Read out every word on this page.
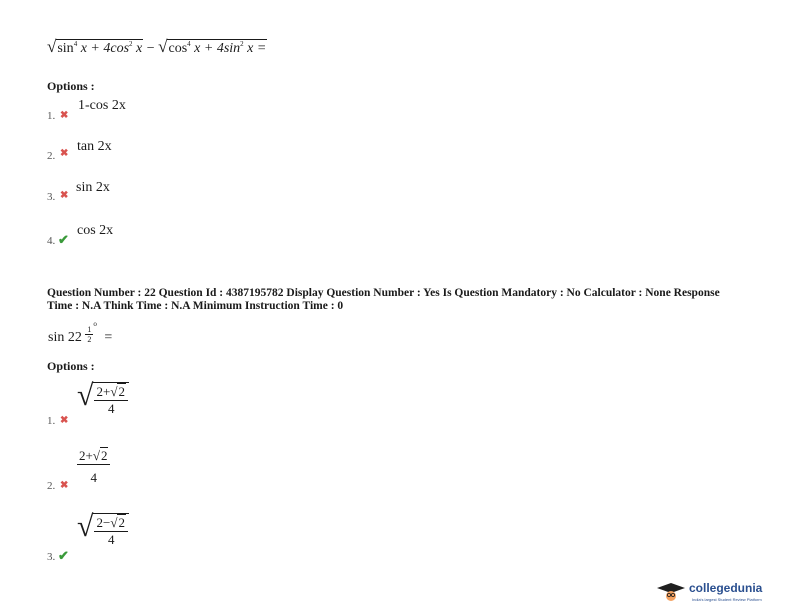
$√\sin^4$ $x + 4\cos^2$ $x - √\cos^4$ $x + 4\sin^2$ x =
Options :
1. ✖
1-cos 2x
2. ✖ tan 2x
3. ✖
sin 2x
4. ✔
cos 2x
Question Number : 22 Question Id : 4387195782 Display Question Number : Yes Is Question Mandatory : No Calculator : None Response
Time : N.A Think Time : N.A Minimum Instruction Time : 0
$\sin 22 \frac{1}{2}$
$^o$ =
Options :
1. ✖
√ $\frac{2+√2}{4}$
2. ✖ $\frac{2+√2}{4}$
3. ✔
√ $\frac{2-√2}{4}$
collegedunia
India's largest Student Review Platform
